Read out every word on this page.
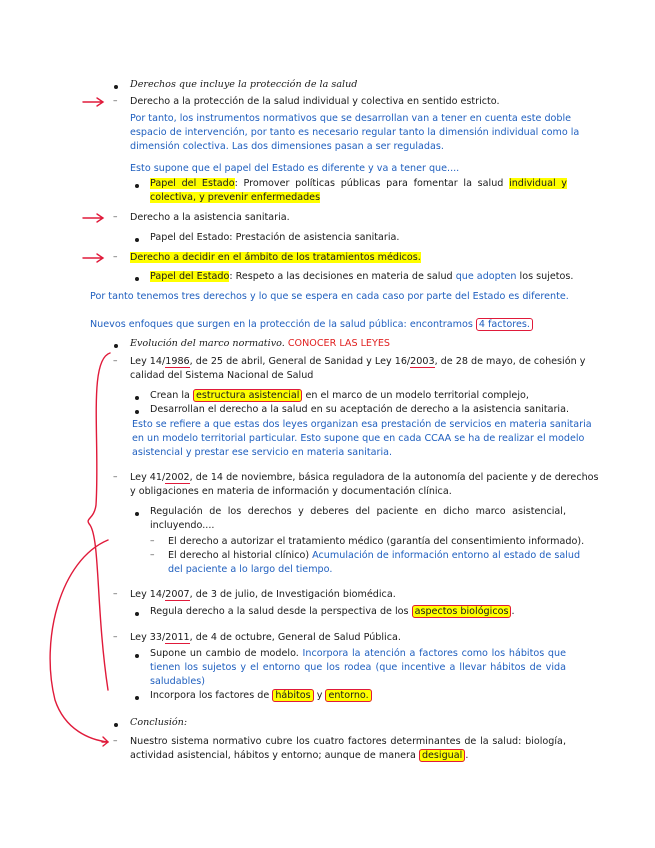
Derechos que incluye la protección de la salud
– Derecho a la protección de la salud individual y colectiva en sentido estricto.
Por tanto, los instrumentos normativos que se desarrollan van a tener en cuenta este doble
espacio de intervención, por tanto es necesario regular tanto la dimensión individual como la
dimensión colectiva. Las dos dimensiones pasan a ser reguladas.
Esto supone que el papel del Estado es diferente y va a tener que....
Papel del Estado: Promover políticas públicas para fomentar la salud individual y
colectiva, y prevenir enfermedades
– Derecho a la asistencia sanitaria.
Papel del Estado: Prestación de asistencia sanitaria.
– Derecho a decidir en el ámbito de los tratamientos médicos.
Papel del Estado: Respeto a las decisiones en materia de salud que adopten los sujetos.
Por tanto tenemos tres derechos y lo que se espera en cada caso por parte del Estado es diferente.
Nuevos enfoques que surgen en la protección de la salud pública: encontramos 4 factores.
Evolución del marco normativo. CONOCER LAS LEYES
– Ley 14/1986, de 25 de abril, General de Sanidad y Ley 16/2003, de 28 de mayo, de cohesión y
calidad del Sistema Nacional de Salud
Crean la estructura asistencial en el marco de un modelo territorial complejo,
Desarrollan el derecho a la salud en su aceptación de derecho a la asistencia sanitaria.
Esto se refiere a que estas dos leyes organizan esa prestación de servicios en materia sanitaria
en un modelo territorial particular. Esto supone que en cada CCAA se ha de realizar el modelo
asistencial y prestar ese servicio en materia sanitaria.
– Ley 41/2002, de 14 de noviembre, básica reguladora de la autonomía del paciente y de derechos
y obligaciones en materia de información y documentación clínica.
Regulación de los derechos y deberes del paciente en dicho marco asistencial,
incluyendo....
– El derecho a autorizar el tratamiento médico (garantía del consentimiento informado).
– El derecho al historial clínico) Acumulación de información entorno al estado de salud
del paciente a lo largo del tiempo.
– Ley 14/2007, de 3 de julio, de Investigación biomédica.
Regula derecho a la salud desde la perspectiva de los aspectos biológicos .
– Ley 33/2011, de 4 de octubre, General de Salud Pública.
Supone un cambio de modelo. Incorpora la atención a factores como los hábitos que
tienen los sujetos y el entorno que los rodea (que incentive a llevar hábitos de vida
saludables)
Incorpora los factores de hábitos y entorno.
Conclusión:
– Nuestro sistema normativo cubre los cuatro factores determinantes de la salud: biología,
actividad asistencial, hábitos y entorno; aunque de manera desigual .
